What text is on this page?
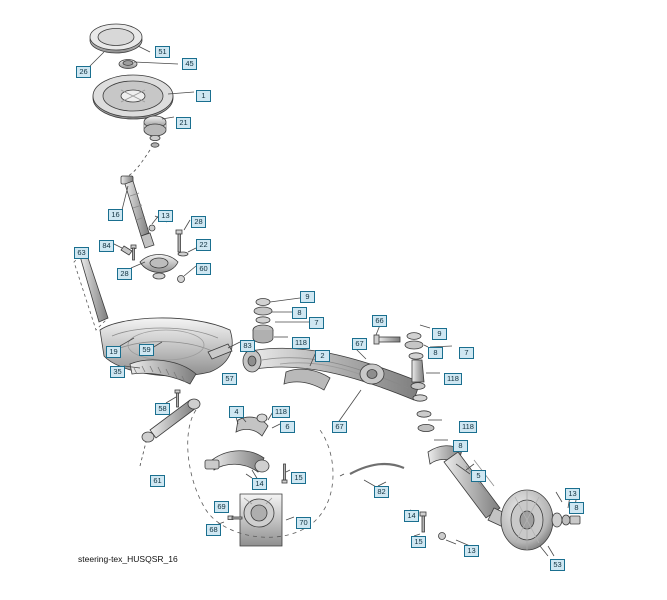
51
45
26
1
21
16	13
28
84	22
63
28
60
9
8
7	66
9
19	59	83	118
2
67
8	7
35
57	118
58	4	118
6	67	118
8
61	14
15	5
82
69
70
14
13
8
68
15
13
53
steering-tex_HUSQSR_16
